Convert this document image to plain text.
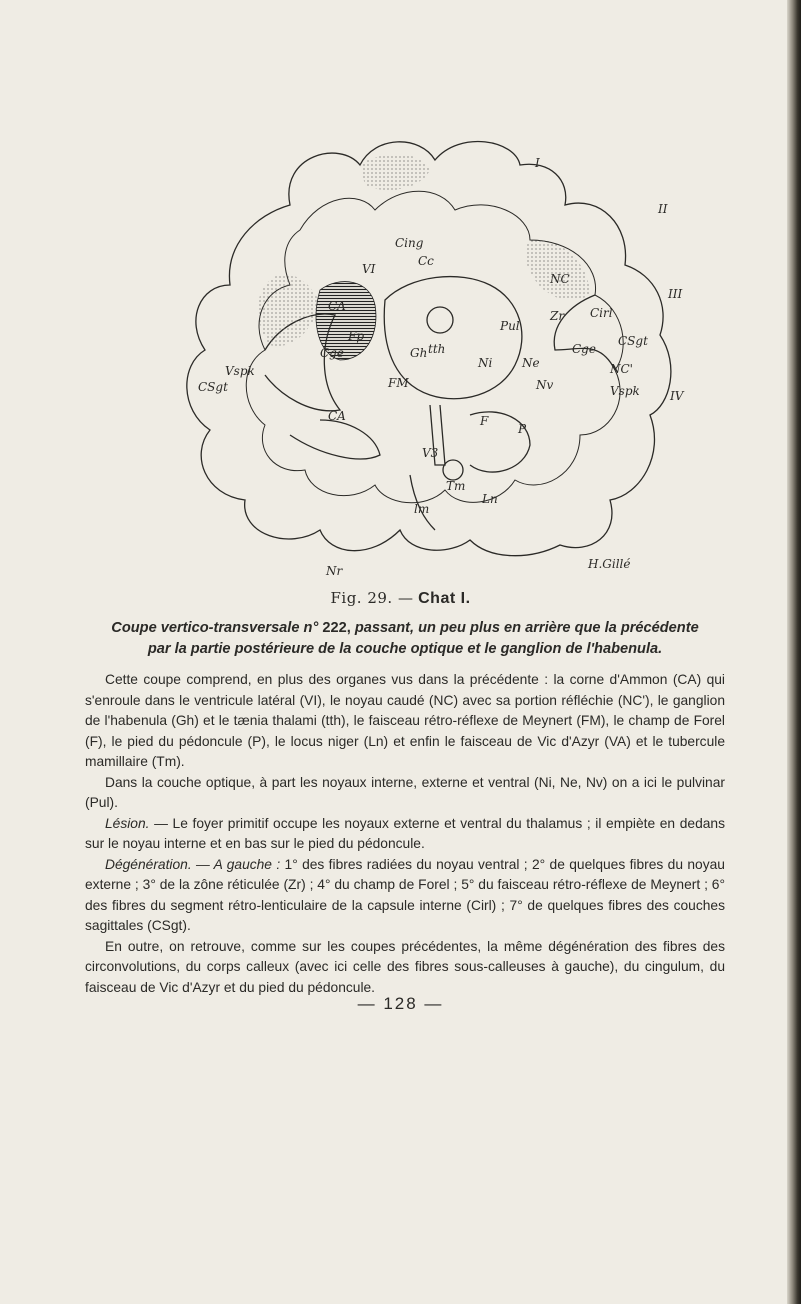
Cing
Cc
VI
CA
Fp
Gh tth
Pul
Zr Cirl
NC
Ni Ne
CSgt
NC'
Cge
Nv	Vspk
I
II
III
IV
Vspk
CSgt
Cge
FM
F
P
CA
V3
Tm
Ln
lm
Nr	H.Gillé
Fig. 29. — Chat I.
Coupe vertico-transversale n° 222, passant, un peu plus en arrière que la précédente
par la partie postérieure de la couche optique et le ganglion de l'habenula.

Cette coupe comprend, en plus des organes vus dans la précédente : la corne d'Ammon (CA) qui s'enroule dans le ventricule latéral (VI), le noyau caudé (NC) avec sa portion réfléchie (NC'), le ganglion de l'habenula (Gh) et le tænia thalami (tth), le faisceau rétro-réflexe de Meynert (FM), le champ de Forel (F), le pied du pédoncule (P), le locus niger (Ln) et enfin le faisceau de Vic d'Azyr (VA) et le tubercule mamillaire (Tm).

Dans la couche optique, à part les noyaux interne, externe et ventral (Ni, Ne, Nv) on a ici le pulvinar (Pul).

Lésion. — Le foyer primitif occupe les noyaux externe et ventral du thalamus ; il empiète en dedans sur le noyau interne et en bas sur le pied du pédoncule.

Dégénération. — A gauche : 1° des fibres radiées du noyau ventral ; 2° de quelques fibres du noyau externe ; 3° de la zône réticulée (Zr) ; 4° du champ de Forel ; 5° du faisceau rétro-réflexe de Meynert ; 6° des fibres du segment rétro-lenticulaire de la capsule interne (Cirl) ; 7° de quelques fibres des couches sagittales (CSgt).

En outre, on retrouve, comme sur les coupes précédentes, la même dégénération des fibres des circonvolutions, du corps calleux (avec ici celle des fibres sous-calleuses à gauche), du cingulum, du faisceau de Vic d'Azyr et du pied du pédoncule.

— 128 —
